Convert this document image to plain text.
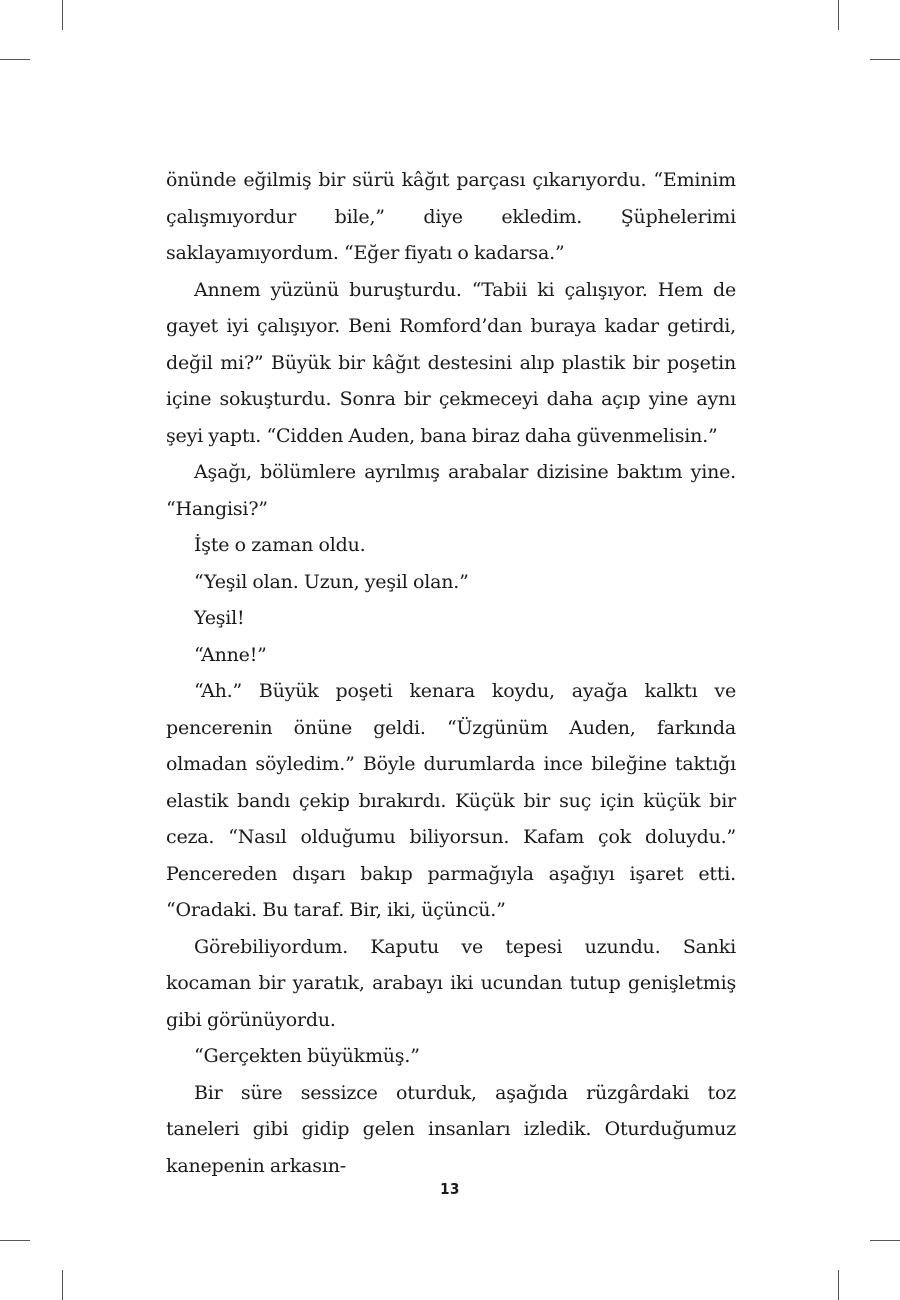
önünde eğilmiş bir sürü kâğıt parçası çıkarıyordu. “Eminim çalışmıyordur bile,” diye ekledim. Şüphelerimi saklayamıyordum. “Eğer fiyatı o kadarsa.”

Annem yüzünü buruşturdu. “Tabii ki çalışıyor. Hem de gayet iyi çalışıyor. Beni Romford’dan buraya kadar getirdi, değil mi?” Büyük bir kâğıt destesini alıp plastik bir poşetin içine sokuşturdu. Sonra bir çekmeceyi daha açıp yine aynı şeyi yaptı. “Cidden Auden, bana biraz daha güvenmelisin.”

Aşağı, bölümlere ayrılmış arabalar dizisine baktım yine. “Hangisi?”

İşte o zaman oldu.

“Yeşil olan. Uzun, yeşil olan.”

Yeşil!

“Anne!”

“Ah.” Büyük poşeti kenara koydu, ayağa kalktı ve pencerenin önüne geldi. “Üzgünüm Auden, farkında olmadan söyledim.” Böyle durumlarda ince bileğine taktığı elastik bandı çekip bırakırdı. Küçük bir suç için küçük bir ceza. “Nasıl olduğumu biliyorsun. Kafam çok doluydu.” Pencereden dışarı bakıp parmağıyla aşağıyı işaret etti. “Oradaki. Bu taraf. Bir, iki, üçüncü.”

Görebiliyordum. Kaputu ve tepesi uzundu. Sanki kocaman bir yaratık, arabayı iki ucundan tutup genişletmiş gibi görünüyordu.

“Gerçekten büyükmüş.”

Bir süre sessizce oturduk, aşağıda rüzgârdaki toz taneleri gibi gidip gelen insanları izledik. Oturduğumuz kanepenin arkasın-

13
